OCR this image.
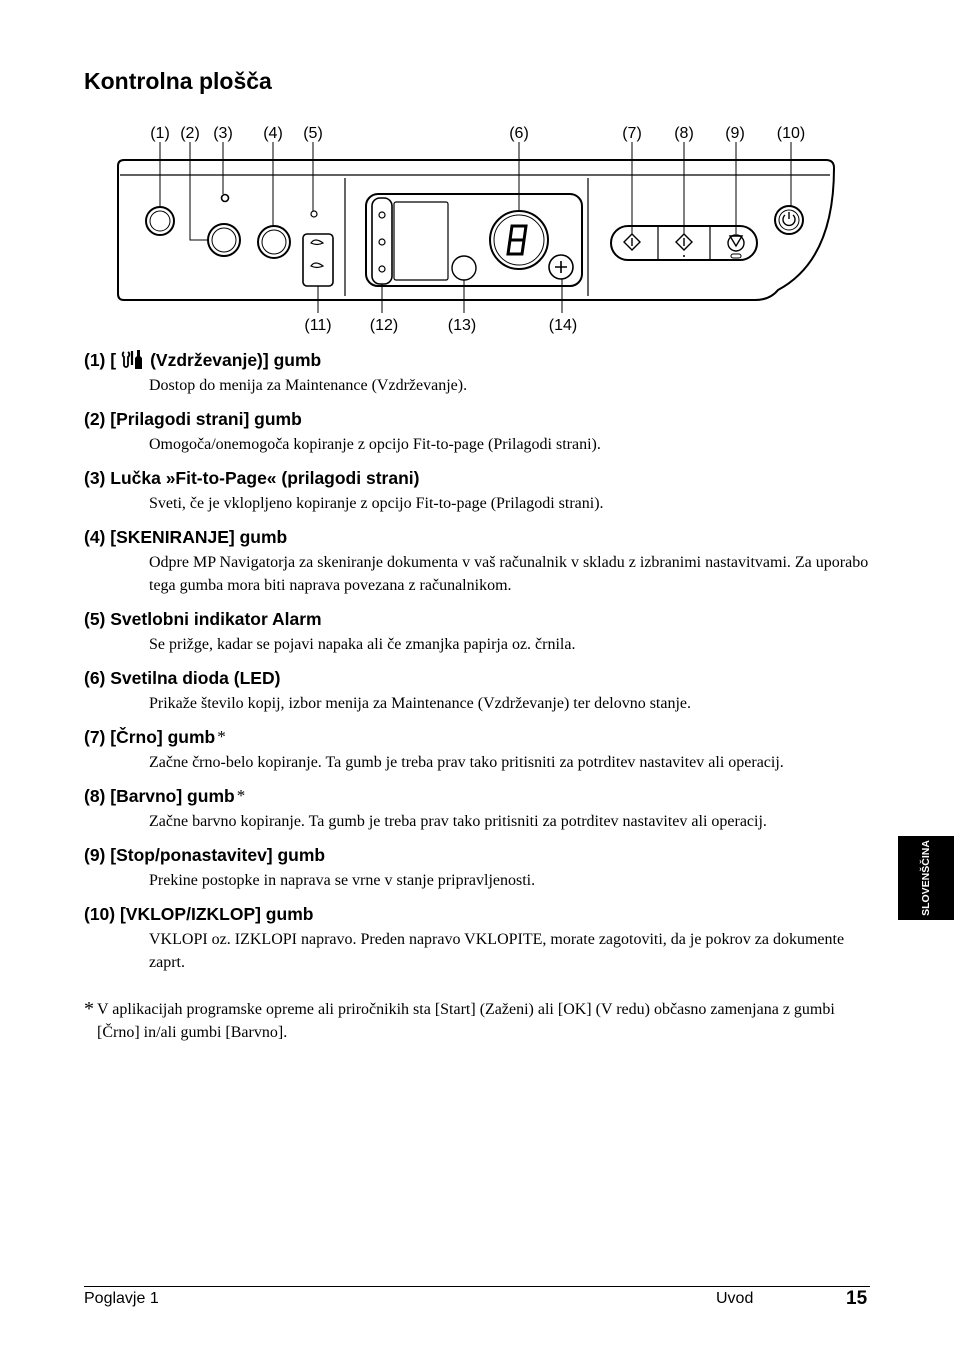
Kontrolna plošča
(1) (2) (3) (4) (5)	(6)	(7) (8) (9) (10)
(11) (12)	(13)	(14)
(1) [ (Vzdrževanje)] gumb

Dostop do menija za Maintenance (Vzdrževanje).

(2) [Prilagodi strani] gumb

Omogoča/onemogoča kopiranje z opcijo Fit-to-page (Prilagodi strani).

(3) Lučka »Fit-to-Page« (prilagodi strani)

Sveti, če je vklopljeno kopiranje z opcijo Fit-to-page (Prilagodi strani).

(4) [SKENIRANJE] gumb

Odpre MP Navigatorja za skeniranje dokumenta v vaš računalnik v skladu z izbranimi nastavitvami. Za uporabo tega gumba mora biti naprava povezana z računalnikom.

(5) Svetlobni indikator Alarm

Se prižge, kadar se pojavi napaka ali če zmanjka papirja oz. črnila.

(6) Svetilna dioda (LED)

Prikaže število kopij, izbor menija za Maintenance (Vzdrževanje) ter delovno stanje.

(7) [Črno] gumb *

Začne črno-belo kopiranje. Ta gumb je treba prav tako pritisniti za potrditev nastavitev ali operacij.

(8) [Barvno] gumb *

Začne barvno kopiranje. Ta gumb je treba prav tako pritisniti za potrditev nastavitev ali operacij.

(9) [Stop/ponastavitev] gumb

Prekine postopke in naprava se vrne v stanje pripravljenosti.

(10) [VKLOP/IZKLOP] gumb

VKLOPI oz. IZKLOPI napravo. Preden napravo VKLOPITE, morate zagotoviti, da je pokrov za dokumente zaprt.

* V aplikacijah programske opreme ali priročnikih sta [Start] (Zaženi) ali [OK] (V redu) občasno zamenjana z gumbi [Črno] in/ali gumbi [Barvno].
SLOVENŠČINA
Poglavje 1	Uvod	15
